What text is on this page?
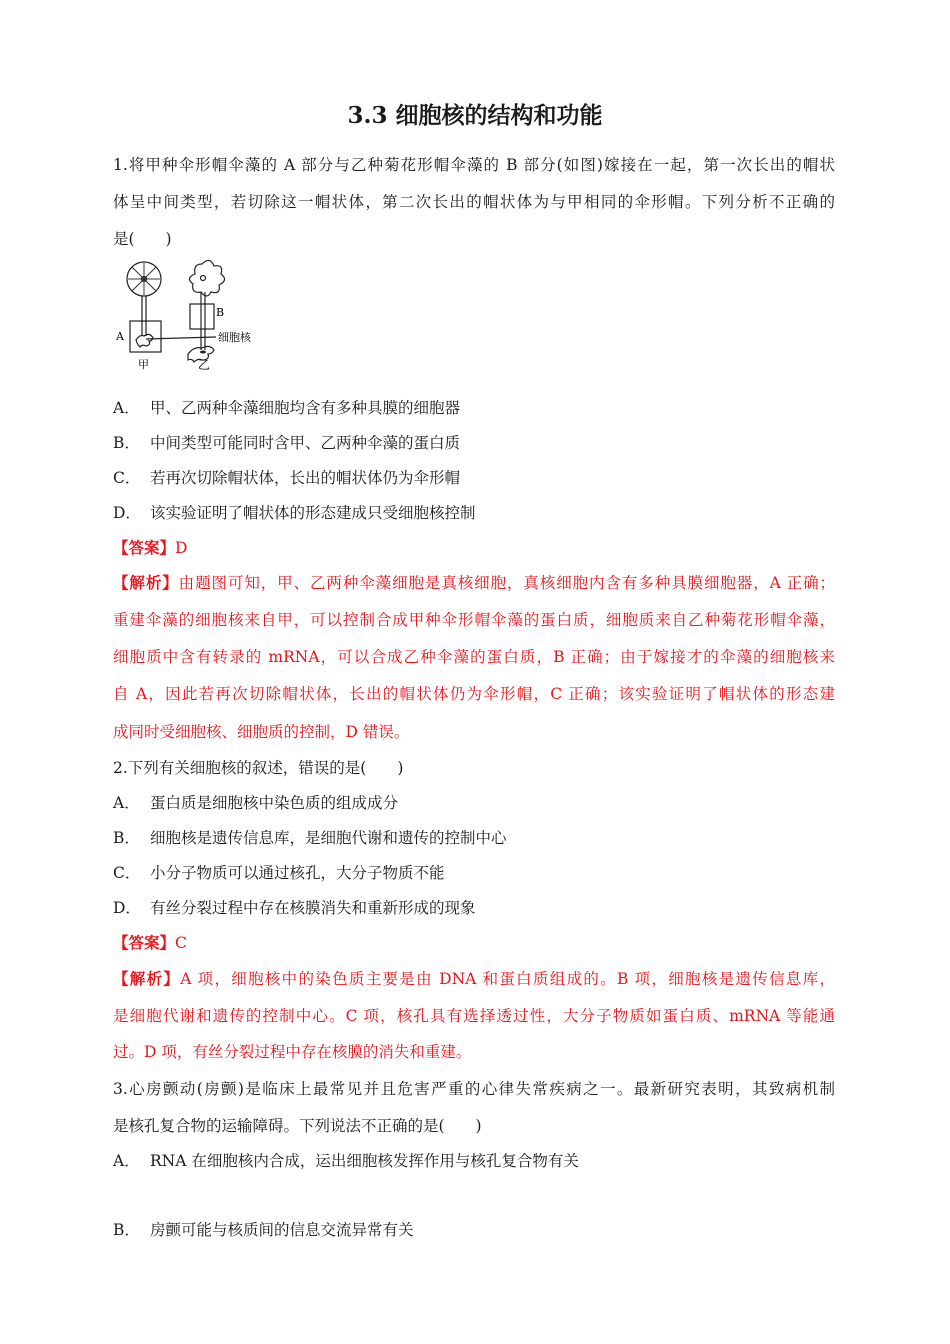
3.3 细胞核的结构和功能
1.将甲种伞形帽伞藻的 A 部分与乙种菊花形帽伞藻的 B 部分(如图)嫁接在一起，第一次长出的帽状
体呈中间类型，若切除这一帽状体，第二次长出的帽状体为与甲相同的伞形帽。下列分析不正确的
是(　　)
A
B
细胞核
甲	乙
A． 甲、乙两种伞藻细胞均含有多种具膜的细胞器
B． 中间类型可能同时含甲、乙两种伞藻的蛋白质
C． 若再次切除帽状体，长出的帽状体仍为伞形帽
D． 该实验证明了帽状体的形态建成只受细胞核控制
【答案】D
【解析】由题图可知，甲、乙两种伞藻细胞是真核细胞，真核细胞内含有多种具膜细胞器，A 正确；
重建伞藻的细胞核来自甲，可以控制合成甲种伞形帽伞藻的蛋白质，细胞质来自乙种菊花形帽伞藻，
细胞质中含有转录的 mRNA，可以合成乙种伞藻的蛋白质，B 正确；由于嫁接才的伞藻的细胞核来
自 A，因此若再次切除帽状体，长出的帽状体仍为伞形帽，C 正确；该实验证明了帽状体的形态建
成同时受细胞核、细胞质的控制，D 错误。
2.下列有关细胞核的叙述，错误的是(　　)
A． 蛋白质是细胞核中染色质的组成成分
B． 细胞核是遗传信息库，是细胞代谢和遗传的控制中心
C． 小分子物质可以通过核孔，大分子物质不能
D． 有丝分裂过程中存在核膜消失和重新形成的现象
【答案】C
【解析】A 项，细胞核中的染色质主要是由 DNA 和蛋白质组成的。B 项，细胞核是遗传信息库，
是细胞代谢和遗传的控制中心。C 项，核孔具有选择透过性，大分子物质如蛋白质、mRNA 等能通
过。D 项，有丝分裂过程中存在核膜的消失和重建。
3.心房颤动(房颤)是临床上最常见并且危害严重的心律失常疾病之一。最新研究表明，其致病机制
是核孔复合物的运输障碍。下列说法不正确的是(　　)
A． RNA 在细胞核内合成，运出细胞核发挥作用与核孔复合物有关
B． 房颤可能与核质间的信息交流异常有关
